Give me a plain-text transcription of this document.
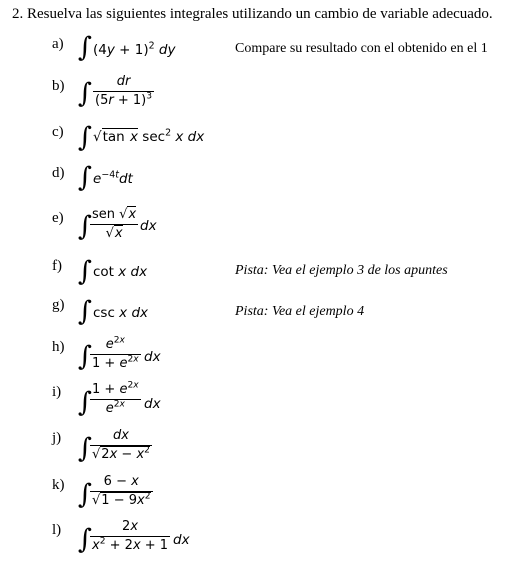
2. Resuelva las siguientes integrales utilizando un cambio de variable adecuado.
a) ∫ $(4y + 1)^2$ dy	Compare su resultado con el obtenido en el 1
b) ∫ $\frac{dr}{(5r + 1)^3}$
c) ∫ √tan x $\sec^2 x$ dx
d) ∫ $e^{-4t}dt$
e) ∫ sen √x
√x	dx
f) ∫ cot x dx	Pista: Vea el ejemplo 3 de los apuntes
g) ∫ csc x dx	Pista: Vea el ejemplo 4
h) ∫
$\frac{e^{2x}}{1 + e^{2x}}$ dx
i) ∫
$\frac{1 + e^{2x}}{e^{2x}}$ dx
j) ∫
$\frac{dx}{√2x - x^2}$
k) ∫
$\frac{6 - x}{√1 - 9x^2}$
l) ∫
$\frac{2x}{x^2 + 2x + 1}$ dx
